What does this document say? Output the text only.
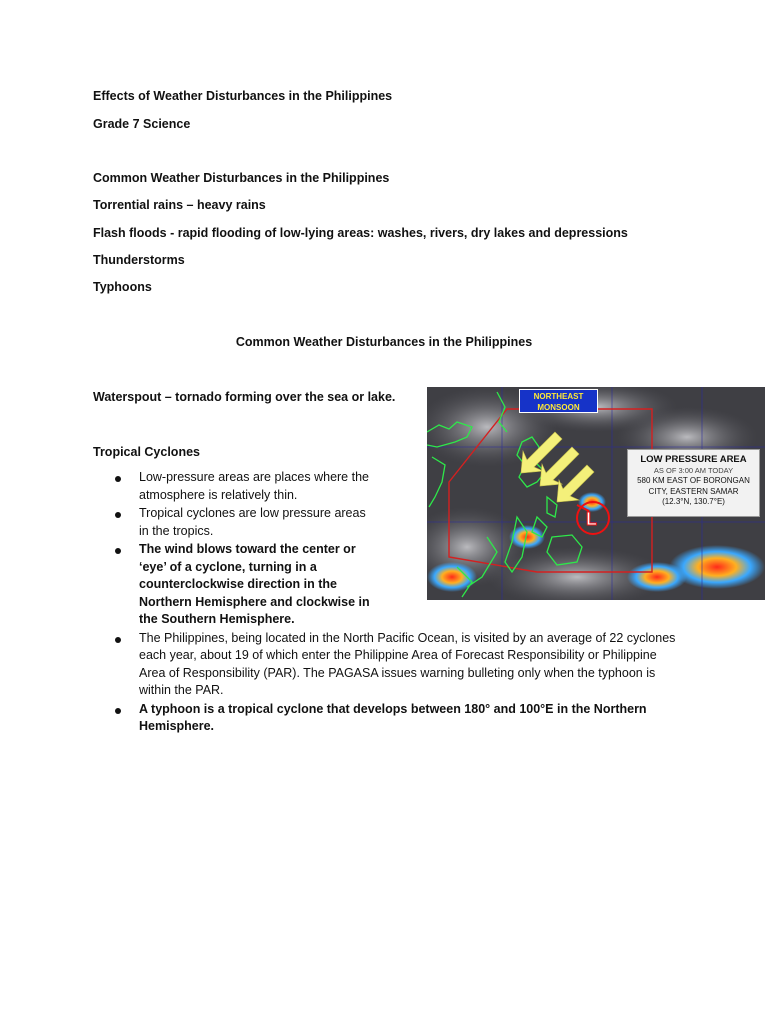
Effects of Weather Disturbances in the Philippines
Grade 7 Science
Common Weather Disturbances in the Philippines
Torrential rains – heavy rains
Flash floods - rapid flooding of low-lying areas: washes, rivers, dry lakes and depressions
Thunderstorms
Typhoons
Common Weather Disturbances in the Philippines
Waterspout – tornado forming over the sea or lake.
Tropical Cyclones
Low-pressure areas are places where the atmosphere is relatively thin.
Tropical cyclones are low pressure areas in the tropics.
The wind blows toward the center or ‘eye’ of a cyclone, turning in a counterclockwise direction in the Northern Hemisphere and clockwise in the Southern Hemisphere.
The Philippines, being located in the North Pacific Ocean, is visited by an average of 22 cyclones each year, about 19 of which enter the Philippine Area of Forecast Responsibility or Philippine Area of Responsibility (PAR). The PAGASA issues warning bulleting only when the typhoon is within the PAR.
A typhoon is a tropical cyclone that develops between 180° and 100°E in the Northern Hemisphere.
L
NORTHEAST MONSOON
LOW PRESSURE AREA
AS OF 3:00 AM TODAY
580 KM EAST OF BORONGAN CITY, EASTERN SAMAR
(12.3°N, 130.7°E)
